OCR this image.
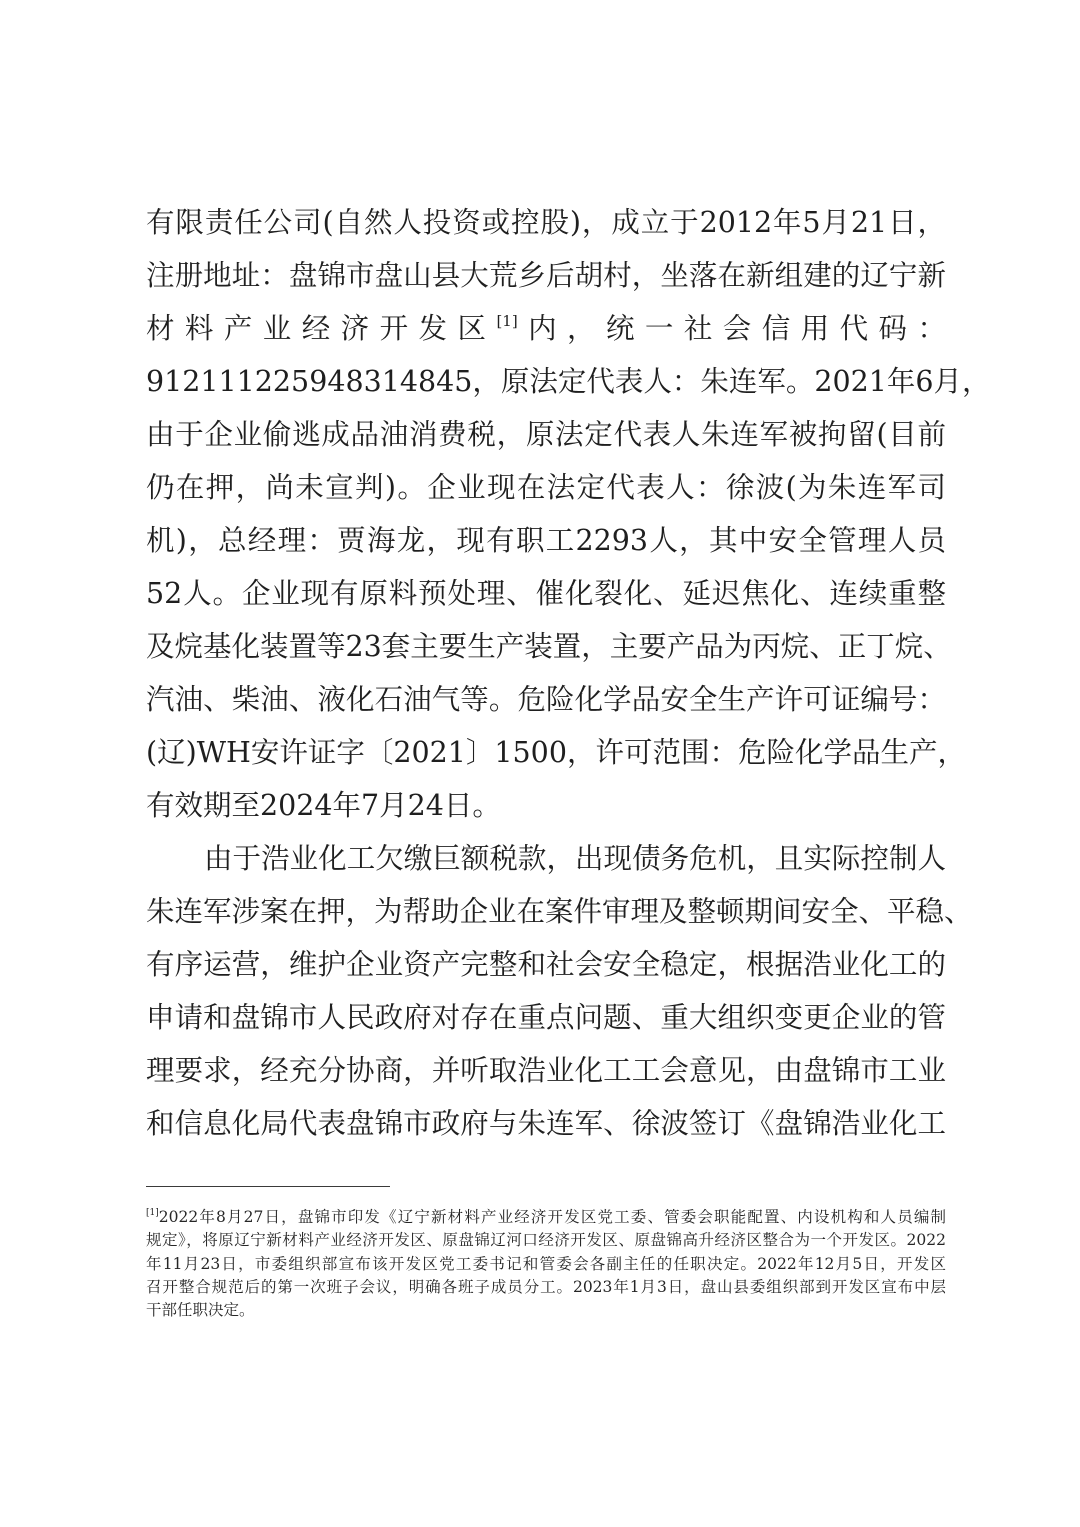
有限责任公司(自然人投资或控股)，成立于2012年5月21日，
注册地址：盘锦市盘山县大荒乡后胡村，坐落在新组建的辽宁新
材料产业经济开发区[1]内，统一社会信用代码：
912111225948314845，原法定代表人：朱连军。2021年6月，
由于企业偷逃成品油消费税，原法定代表人朱连军被拘留(目前
仍在押，尚未宣判)。企业现在法定代表人：徐波(为朱连军司
机)，总经理：贾海龙，现有职工2293人，其中安全管理人员
52人。企业现有原料预处理、催化裂化、延迟焦化、连续重整
及烷基化装置等23套主要生产装置，主要产品为丙烷、正丁烷、
汽油、柴油、液化石油气等。危险化学品安全生产许可证编号：
(辽)WH安许证字〔2021〕1500，许可范围：危险化学品生产，
有效期至2024年7月24日。
由于浩业化工欠缴巨额税款，出现债务危机，且实际控制人
朱连军涉案在押，为帮助企业在案件审理及整顿期间安全、平稳、
有序运营，维护企业资产完整和社会安全稳定，根据浩业化工的
申请和盘锦市人民政府对存在重点问题、重大组织变更企业的管
理要求，经充分协商，并听取浩业化工工会意见，由盘锦市工业
和信息化局代表盘锦市政府与朱连军、徐波签订《盘锦浩业化工
[1]2022年8月27日，盘锦市印发《辽宁新材料产业经济开发区党工委、管委会职能配置、内设机构和人员编制
规定》，将原辽宁新材料产业经济开发区、原盘锦辽河口经济开发区、原盘锦高升经济区整合为一个开发区。2022
年11月23日，市委组织部宣布该开发区党工委书记和管委会各副主任的任职决定。2022年12月5日，开发区
召开整合规范后的第一次班子会议，明确各班子成员分工。2023年1月3日，盘山县委组织部到开发区宣布中层
干部任职决定。
